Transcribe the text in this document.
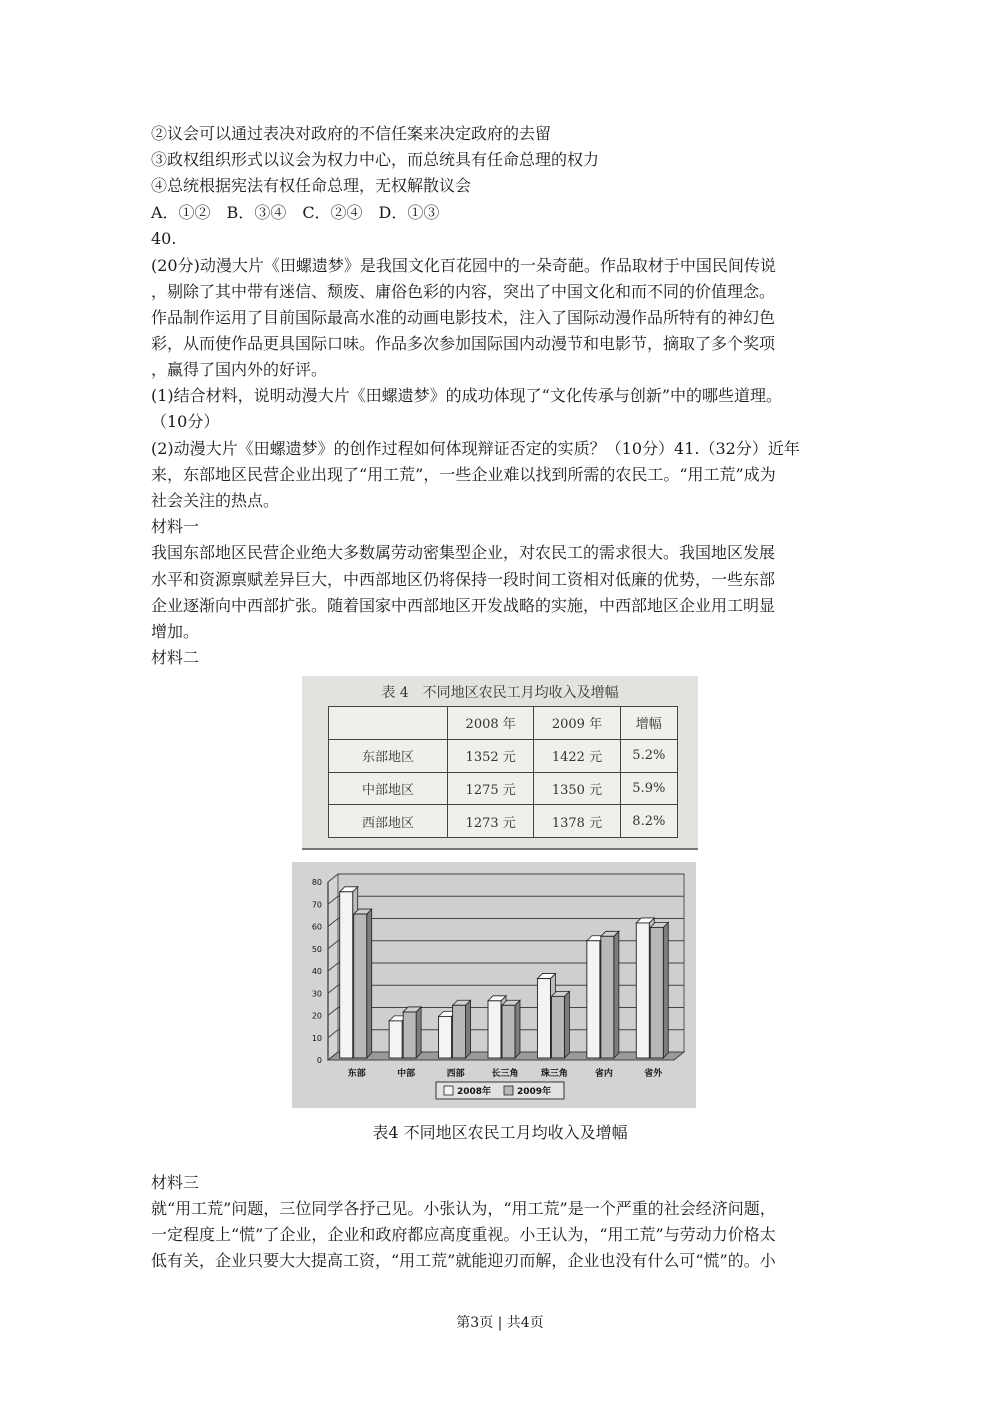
②议会可以通过表决对政府的不信任案来决定政府的去留
③政权组织形式以议会为权力中心，而总统具有任命总理的权力
④总统根据宪法有权任命总理，无权解散议会
A．①②　B．③④　C．②④　D．①③
40.
(20分)动漫大片《田螺遗梦》是我国文化百花园中的一朵奇葩。作品取材于中国民间传说
，剔除了其中带有迷信、颓废、庸俗色彩的内容，突出了中国文化和而不同的价值理念。
作品制作运用了目前国际最高水准的动画电影技术，注入了国际动漫作品所特有的神幻色
彩，从而使作品更具国际口味。作品多次参加国际国内动漫节和电影节，摘取了多个奖项
，赢得了国内外的好评。
(1)结合材料，说明动漫大片《田螺遗梦》的成功体现了“文化传承与创新”中的哪些道理。
（10分）
(2)动漫大片《田螺遗梦》的创作过程如何体现辩证否定的实质？（10分）41.（32分）近年
来，东部地区民营企业出现了“用工荒”，一些企业难以找到所需的农民工。“用工荒”成为
社会关注的热点。
材料一
我国东部地区民营企业绝大多数属劳动密集型企业，对农民工的需求很大。我国地区发展
水平和资源禀赋差异巨大，中西部地区仍将保持一段时间工资相对低廉的优势，一些东部
企业逐渐向中西部扩张。随着国家中西部地区开发战略的实施，中西部地区企业用工明显
增加。
材料二
表 4　不同地区农民工月均收入及增幅
	2008 年	2009 年	增幅
东部地区	1352 元	1422 元	5.2%
中部地区	1275 元	1350 元	5.9%
西部地区	1273 元	1378 元	8.2%
0
10
20
30
40
50
60
70
80
东部	中部	西部	长三角 珠三角	省内	省外
2008年	2009年
表4 不同地区农民工月均收入及增幅
材料三
就“用工荒”问题，三位同学各抒己见。小张认为，“用工荒”是一个严重的社会经济问题，
一定程度上“慌”了企业，企业和政府都应高度重视。小王认为，“用工荒”与劳动力价格太
低有关，企业只要大大提高工资，“用工荒”就能迎刃而解，企业也没有什么可“慌”的。小
第3页 | 共4页
